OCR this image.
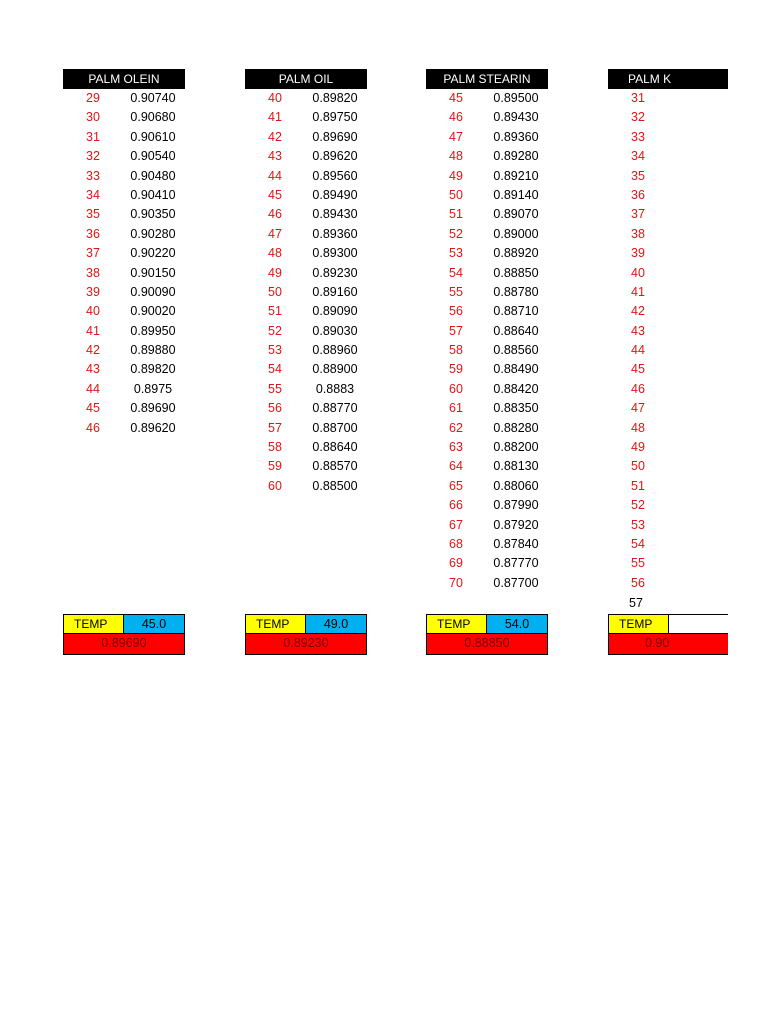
PALM OLEIN
29	0.90740
30	0.90680
31	0.90610
32	0.90540
33	0.90480
34	0.90410
35	0.90350
36	0.90280
37	0.90220
38	0.90150
39	0.90090
40	0.90020
41	0.89950
42	0.89880
43	0.89820
44	0.8975
45	0.89690
46	0.89620
PALM OIL
40	0.89820
41	0.89750
42	0.89690
43	0.89620
44	0.89560
45	0.89490
46	0.89430
47	0.89360
48	0.89300
49	0.89230
50	0.89160
51	0.89090
52	0.89030
53	0.88960
54	0.88900
55	0.8883
56	0.88770
57	0.88700
58	0.88640
59	0.88570
60	0.88500
PALM STEARIN
45	0.89500
46	0.89430
47	0.89360
48	0.89280
49	0.89210
50	0.89140
51	0.89070
52	0.89000
53	0.88920
54	0.88850
55	0.88780
56	0.88710
57	0.88640
58	0.88560
59	0.88490
60	0.88420
61	0.88350
62	0.88280
63	0.88200
64	0.88130
65	0.88060
66	0.87990
67	0.87920
68	0.87840
69	0.87770
70	0.87700
PALM K
31
32
33
34
35
36
37
38
39
40
41
42
43
44
45
46
47
48
49
50
51
52
53
54
55
56
57
TEMP	45.0
0.89690
TEMP	49.0
0.89230
TEMP	54.0
0.88850
TEMP
0.90
